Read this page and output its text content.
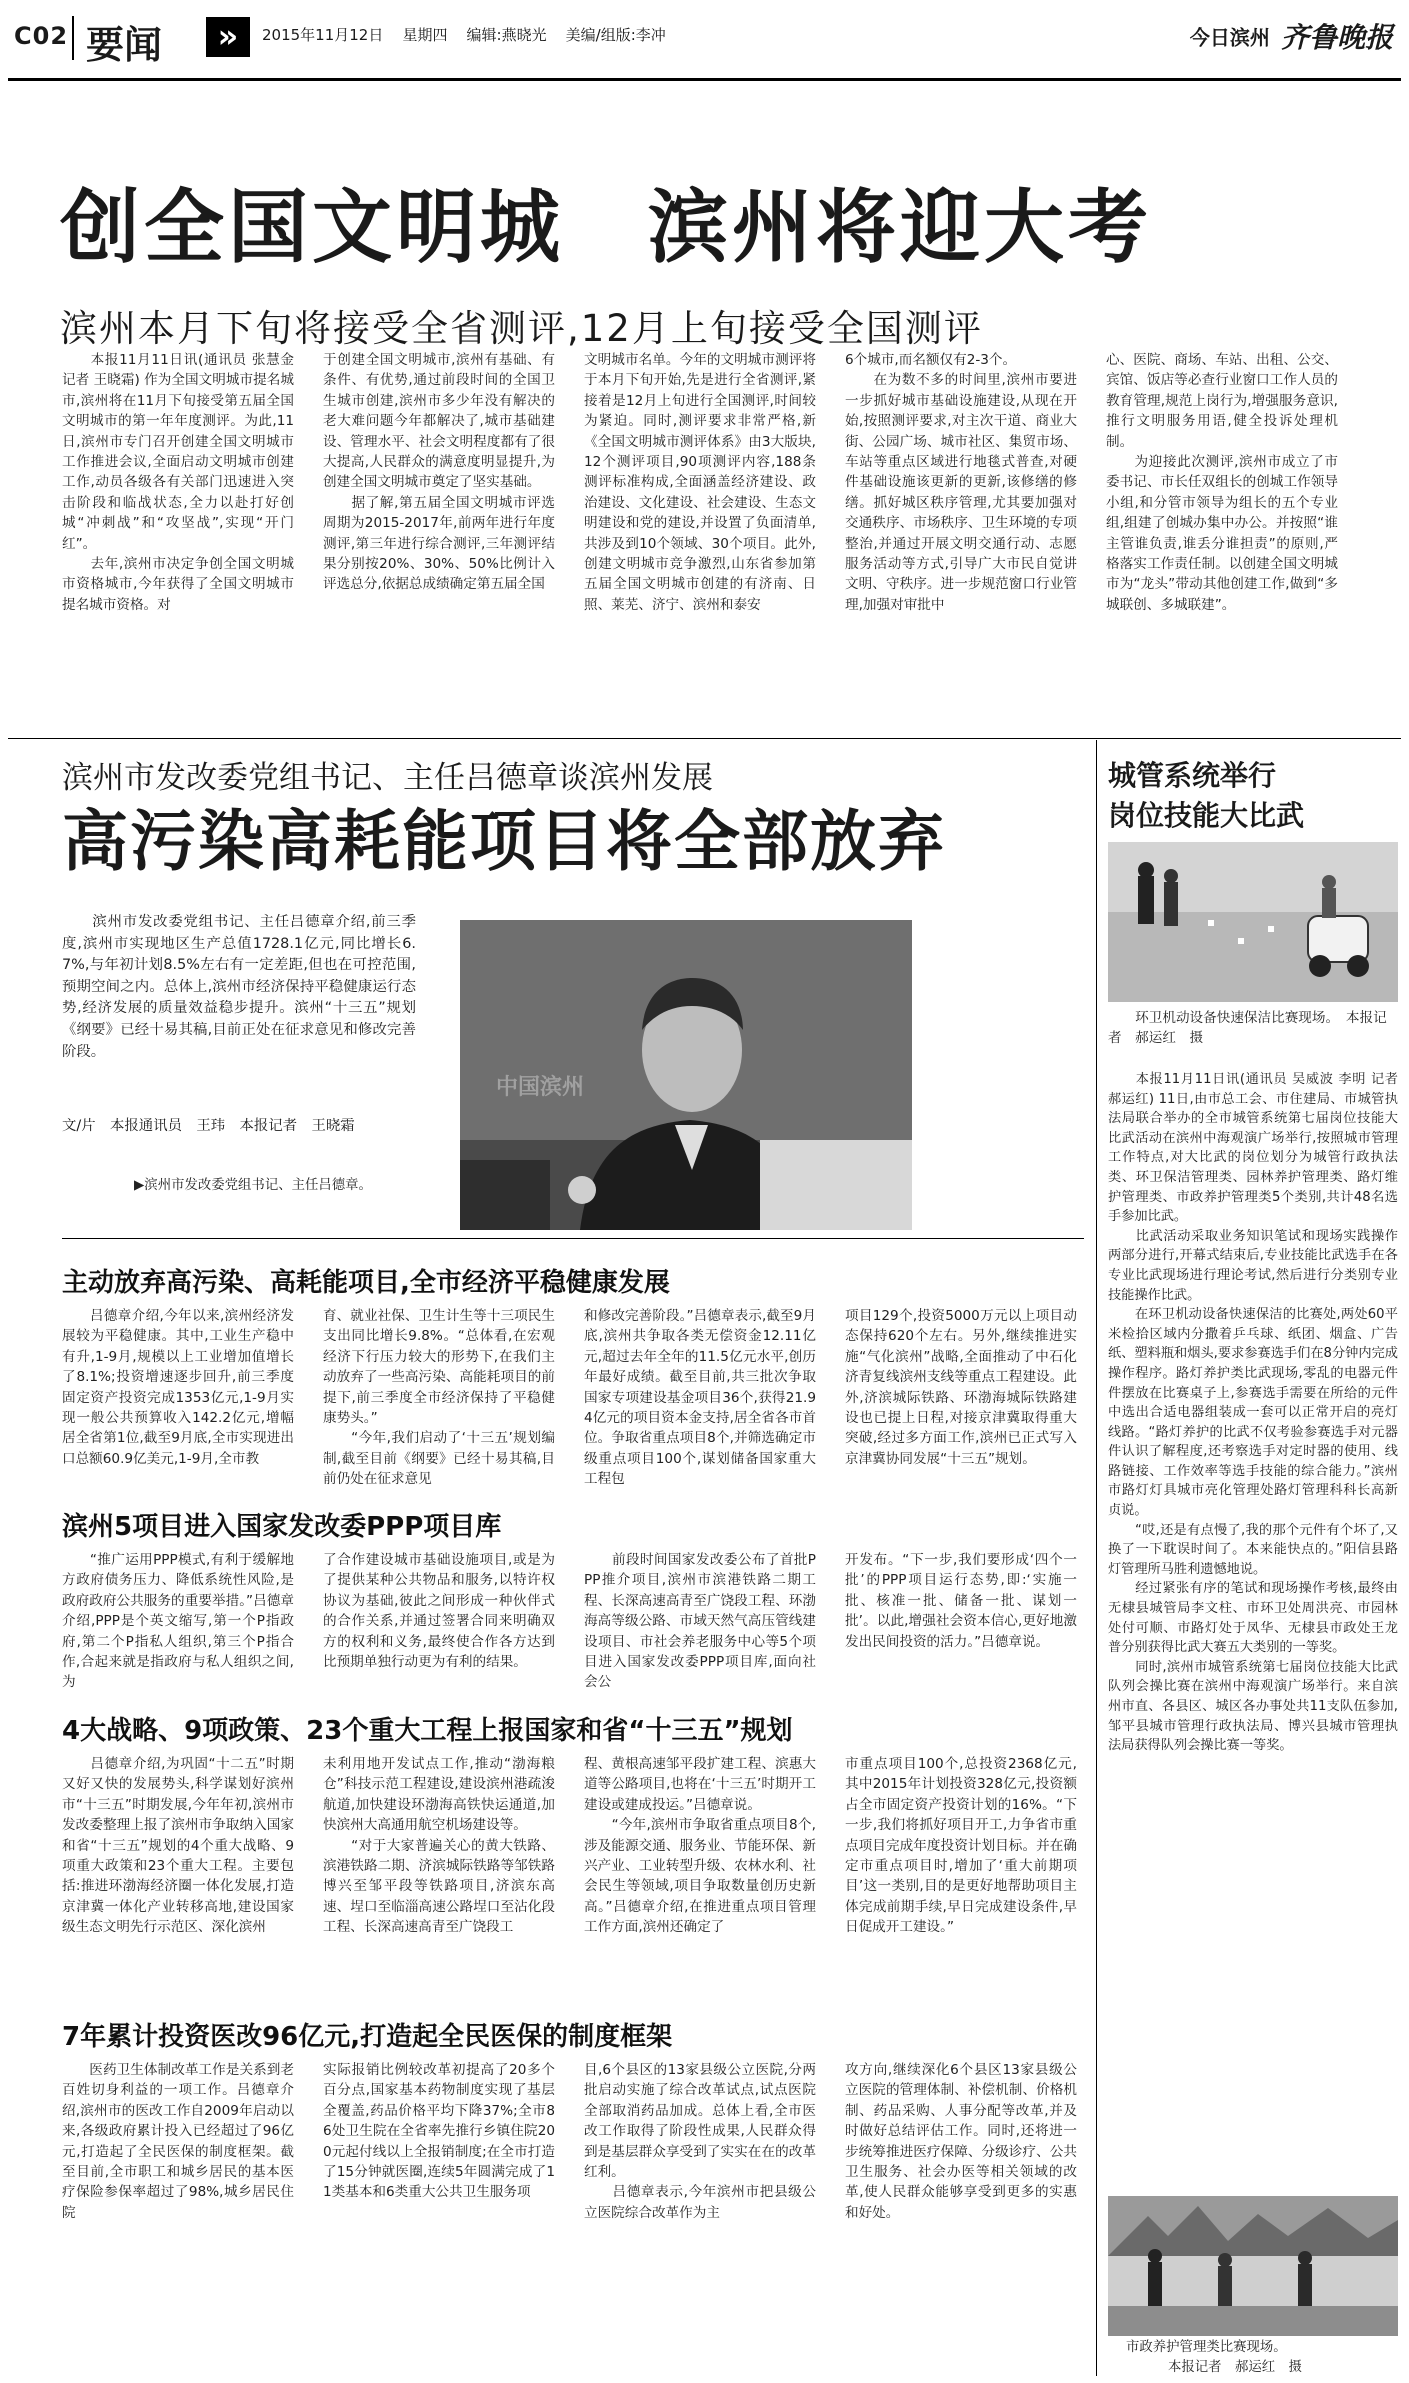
C02 要闻	»	2015年11月12日 星期四 编辑:燕晓光 美编/组版:李冲	今日滨州 齐鲁晚报
创全国文明城　滨州将迎大考
滨州本月下旬将接受全省测评,12月上旬接受全国测评
　　本报11月11日讯(通讯员 张慧金 记者 王晓霜) 作为全国文明城市提名城市,滨州将在11月下旬接受第五届全国文明城市的第一年年度测评。为此,11日,滨州市专门召开创建全国文明城市工作推进会议,全面启动文明城市创建工作,动员各级各有关部门迅速进入突击阶段和临战状态,全力以赴打好创城“冲刺战”和“攻坚战”,实现“开门红”。
　　去年,滨州市决定争创全国文明城市资格城市,今年获得了全国文明城市提名城市资格。对
于创建全国文明城市,滨州有基础、有条件、有优势,通过前段时间的全国卫生城市创建,滨州市多少年没有解决的老大难问题今年都解决了,城市基础建设、管理水平、社会文明程度都有了很大提高,人民群众的满意度明显提升,为创建全国文明城市奠定了坚实基础。
　　据了解,第五届全国文明城市评选周期为2015-2017年,前两年进行年度测评,第三年进行综合测评,三年测评结果分别按20%、30%、50%比例计入评选总分,依据总成绩确定第五届全国
文明城市名单。今年的文明城市测评将于本月下旬开始,先是进行全省测评,紧接着是12月上旬进行全国测评,时间较为紧迫。同时,测评要求非常严格,新《全国文明城市测评体系》由3大版块,12个测评项目,90项测评内容,188条测评标准构成,全面涵盖经济建设、政治建设、文化建设、社会建设、生态文明建设和党的建设,并设置了负面清单,共涉及到10个领域、30个项目。此外,创建文明城市竞争激烈,山东省参加第五届全国文明城市创建的有济南、日照、莱芜、济宁、滨州和泰安
6个城市,而名额仅有2-3个。
　　在为数不多的时间里,滨州市要进一步抓好城市基础设施建设,从现在开始,按照测评要求,对主次干道、商业大街、公园广场、城市社区、集贸市场、车站等重点区域进行地毯式普查,对硬件基础设施该更新的更新,该修缮的修缮。抓好城区秩序管理,尤其要加强对交通秩序、市场秩序、卫生环境的专项整治,并通过开展文明交通行动、志愿服务活动等方式,引导广大市民自觉讲文明、守秩序。进一步规范窗口行业管理,加强对审批中
心、医院、商场、车站、出租、公交、宾馆、饭店等必查行业窗口工作人员的教育管理,规范上岗行为,增强服务意识,推行文明服务用语,健全投诉处理机制。
　　为迎接此次测评,滨州市成立了市委书记、市长任双组长的创城工作领导小组,和分管市领导为组长的五个专业组,组建了创城办集中办公。并按照“谁主管谁负责,谁丢分谁担责”的原则,严格落实工作责任制。以创建全国文明城市为“龙头”带动其他创建工作,做到“多城联创、多城联建”。
滨州市发改委党组书记、主任吕德章谈滨州发展
高污染高耗能项目将全部放弃
　　滨州市发改委党组书记、主任吕德章介绍,前三季度,滨州市实现地区生产总值1728.1亿元,同比增长6.7%,与年初计划8.5%左右有一定差距,但也在可控范围,预期空间之内。总体上,滨州市经济保持平稳健康运行态势,经济发展的质量效益稳步提升。滨州“十三五”规划《纲要》已经十易其稿,目前正处在征求意见和修改完善阶段。
文/片　本报通讯员　王玮　本报记者　王晓霜
中国滨州
▶滨州市发改委党组书记、主任吕德章。
主动放弃高污染、高耗能项目,全市经济平稳健康发展
　　吕德章介绍,今年以来,滨州经济发展较为平稳健康。其中,工业生产稳中有升,1-9月,规模以上工业增加值增长了8.1%;投资增速逐步回升,前三季度固定资产投资完成1353亿元,1-9月实现一般公共预算收入142.2亿元,增幅居全省第1位,截至9月底,全市实现进出口总额60.9亿美元,1-9月,全市教
育、就业社保、卫生计生等十三项民生支出同比增长9.8%。“总体看,在宏观经济下行压力较大的形势下,在我们主动放弃了一些高污染、高能耗项目的前提下,前三季度全市经济保持了平稳健康势头。”
　　“今年,我们启动了‘十三五’规划编制,截至目前《纲要》已经十易其稿,目前仍处在征求意见
和修改完善阶段。”吕德章表示,截至9月底,滨州共争取各类无偿资金12.11亿元,超过去年全年的11.5亿元水平,创历年最好成绩。截至目前,共三批次争取国家专项建设基金项目36个,获得21.94亿元的项目资本金支持,居全省各市首位。争取省重点项目8个,并筛选确定市级重点项目100个,谋划储备国家重大工程包
项目129个,投资5000万元以上项目动态保持620个左右。另外,继续推进实施“气化滨州”战略,全面推动了中石化济青复线滨州支线等重点工程建设。此外,济滨城际铁路、环渤海城际铁路建设也已提上日程,对接京津冀取得重大突破,经过多方面工作,滨州已正式写入京津冀协同发展“十三五”规划。
滨州5项目进入国家发改委PPP项目库
　　“推广运用PPP模式,有利于缓解地方政府债务压力、降低系统性风险,是政府政府公共服务的重要举措。”吕德章介绍,PPP是个英文缩写,第一个P指政府,第二个P指私人组织,第三个P指合作,合起来就是指政府与私人组织之间,为
了合作建设城市基础设施项目,或是为了提供某种公共物品和服务,以特许权协议为基础,彼此之间形成一种伙伴式的合作关系,并通过签署合同来明确双方的权利和义务,最终使合作各方达到比预期单独行动更为有利的结果。
　　前段时间国家发改委公布了首批PPP推介项目,滨州市滨港铁路二期工程、长深高速高青至广饶段工程、环渤海高等级公路、市域天然气高压管线建设项目、市社会养老服务中心等5个项目进入国家发改委PPP项目库,面向社会公
开发布。“下一步,我们要形成‘四个一批’的PPP项目运行态势,即:‘实施一批、核准一批、储备一批、谋划一批’。以此,增强社会资本信心,更好地激发出民间投资的活力。”吕德章说。
4大战略、9项政策、23个重大工程上报国家和省“十三五”规划
　　吕德章介绍,为巩固“十二五”时期又好又快的发展势头,科学谋划好滨州市“十三五”时期发展,今年年初,滨州市发改委整理上报了滨州市争取纳入国家和省“十三五”规划的4个重大战略、9项重大政策和23个重大工程。主要包括:推进环渤海经济圈一体化发展,打造京津冀一体化产业转移高地,建设国家级生态文明先行示范区、深化滨州
未利用地开发试点工作,推动“渤海粮仓”科技示范工程建设,建设滨州港疏浚航道,加快建设环渤海高铁快运通道,加快滨州大高通用航空机场建设等。
　　“对于大家普遍关心的黄大铁路、滨港铁路二期、济滨城际铁路等邹铁路博兴至邹平段等铁路项目,济滨东高速、埕口至临淄高速公路埕口至沾化段工程、长深高速高青至广饶段工
程、黄根高速邹平段扩建工程、滨惠大道等公路项目,也将在‘十三五’时期开工建设或建成投运。”吕德章说。
　　“今年,滨州市争取省重点项目8个,涉及能源交通、服务业、节能环保、新兴产业、工业转型升级、农林水利、社会民生等领域,项目争取数量创历史新高。”吕德章介绍,在推进重点项目管理工作方面,滨州还确定了
市重点项目100个,总投资2368亿元,其中2015年计划投资328亿元,投资额占全市固定资产投资计划的16%。“下一步,我们将抓好项目开工,力争省市重点项目完成年度投资计划目标。并在确定市重点项目时,增加了‘重大前期项目’这一类别,目的是更好地帮助项目主体完成前期手续,早日完成建设条件,早日促成开工建设。”
7年累计投资医改96亿元,打造起全民医保的制度框架
　　医药卫生体制改革工作是关系到老百姓切身利益的一项工作。吕德章介绍,滨州市的医改工作自2009年启动以来,各级政府累计投入已经超过了96亿元,打造起了全民医保的制度框架。截至目前,全市职工和城乡居民的基本医疗保险参保率超过了98%,城乡居民住院
实际报销比例较改革初提高了20多个百分点,国家基本药物制度实现了基层全覆盖,药品价格平均下降37%;全市86处卫生院在全省率先推行乡镇住院200元起付线以上全报销制度;在全市打造了15分钟就医圈,连续5年圆满完成了11类基本和6类重大公共卫生服务项
目,6个县区的13家县级公立医院,分两批启动实施了综合改革试点,试点医院全部取消药品加成。总体上看,全市医改工作取得了阶段性成果,人民群众得到是基层群众享受到了实实在在的改革红利。
　　吕德章表示,今年滨州市把县级公立医院综合改革作为主
攻方向,继续深化6个县区13家县级公立医院的管理体制、补偿机制、价格机制、药品采购、人事分配等改革,并及时做好总结评估工作。同时,还将进一步统筹推进医疗保障、分级诊疗、公共卫生服务、社会办医等相关领域的改革,使人民群众能够享受到更多的实惠和好处。
城管系统举行
岗位技能大比武
　　环卫机动设备快速保洁比赛现场。　本报记者　郝运红　摄
　　本报11月11日讯(通讯员 吴威波 李明 记者 郝运红) 11日,由市总工会、市住建局、市城管执法局联合举办的全市城管系统第七届岗位技能大比武活动在滨州中海观演广场举行,按照城市管理工作特点,对大比武的岗位划分为城管行政执法类、环卫保洁管理类、园林养护管理类、路灯维护管理类、市政养护管理类5个类别,共计48名选手参加比武。
　　比武活动采取业务知识笔试和现场实践操作两部分进行,开幕式结束后,专业技能比武选手在各专业比武现场进行理论考试,然后进行分类别专业技能操作比武。
　　在环卫机动设备快速保洁的比赛处,两处60平米检拾区域内分撒着乒乓球、纸团、烟盒、广告纸、塑料瓶和烟头,要求参赛选手们在8分钟内完成操作程序。路灯养护类比武现场,零乱的电器元件件摆放在比赛桌子上,参赛选手需要在所给的元件中选出合适电器组装成一套可以正常开启的亮灯线路。“路灯养护的比武不仅考验参赛选手对元器件认识了解程度,还考察选手对定时器的使用、线路链接、工作效率等选手技能的综合能力。”滨州市路灯灯具城市亮化管理处路灯管理科科长高新贞说。
　　“哎,还是有点慢了,我的那个元件有个坏了,又换了一下耽误时间了。本来能快点的。”阳信县路灯管理所马胜利遗憾地说。
　　经过紧张有序的笔试和现场操作考核,最终由无棣县城管局李文柱、市环卫处周洪亮、市园林处付可顺、市路灯处于凤华、无棣县市政处王龙普分别获得比武大赛五大类别的一等奖。
　　同时,滨州市城管系统第七届岗位技能大比武队列会操比赛在滨州中海观演广场举行。来自滨州市直、各县区、城区各办事处共11支队伍参加,邹平县城市管理行政执法局、博兴县城市管理执法局获得队列会操比赛一等奖。
市政养护管理类比赛现场。
本报记者　郝运红　摄
